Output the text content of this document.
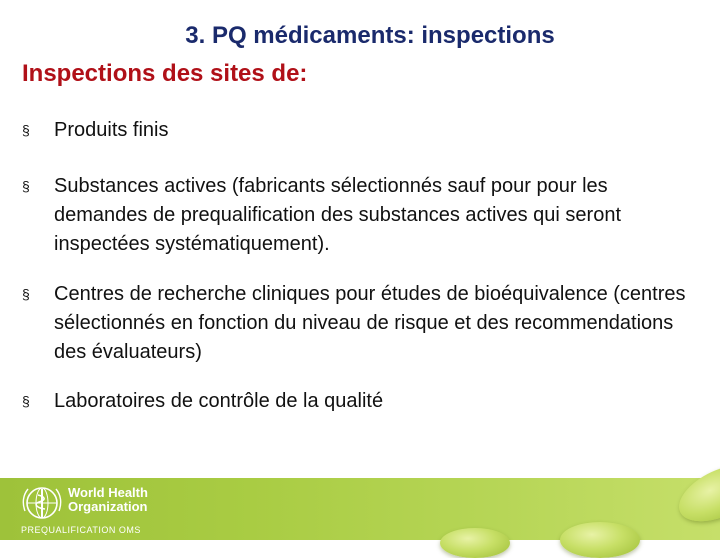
3. PQ médicaments: inspections
Inspections des sites de:
§	Produits finis
§	Substances actives (fabricants sélectionnés sauf pour pour les demandes de prequalification des substances actives qui seront inspectées systématiquement).
§	Centres de recherche cliniques pour études de bioéquivalence (centres sélectionnés en fonction du niveau de risque et des recommendations des évaluateurs)
§	Laboratoires de contrôle de la qualité
World Health
Organization
PREQUALIFICATION OMS
